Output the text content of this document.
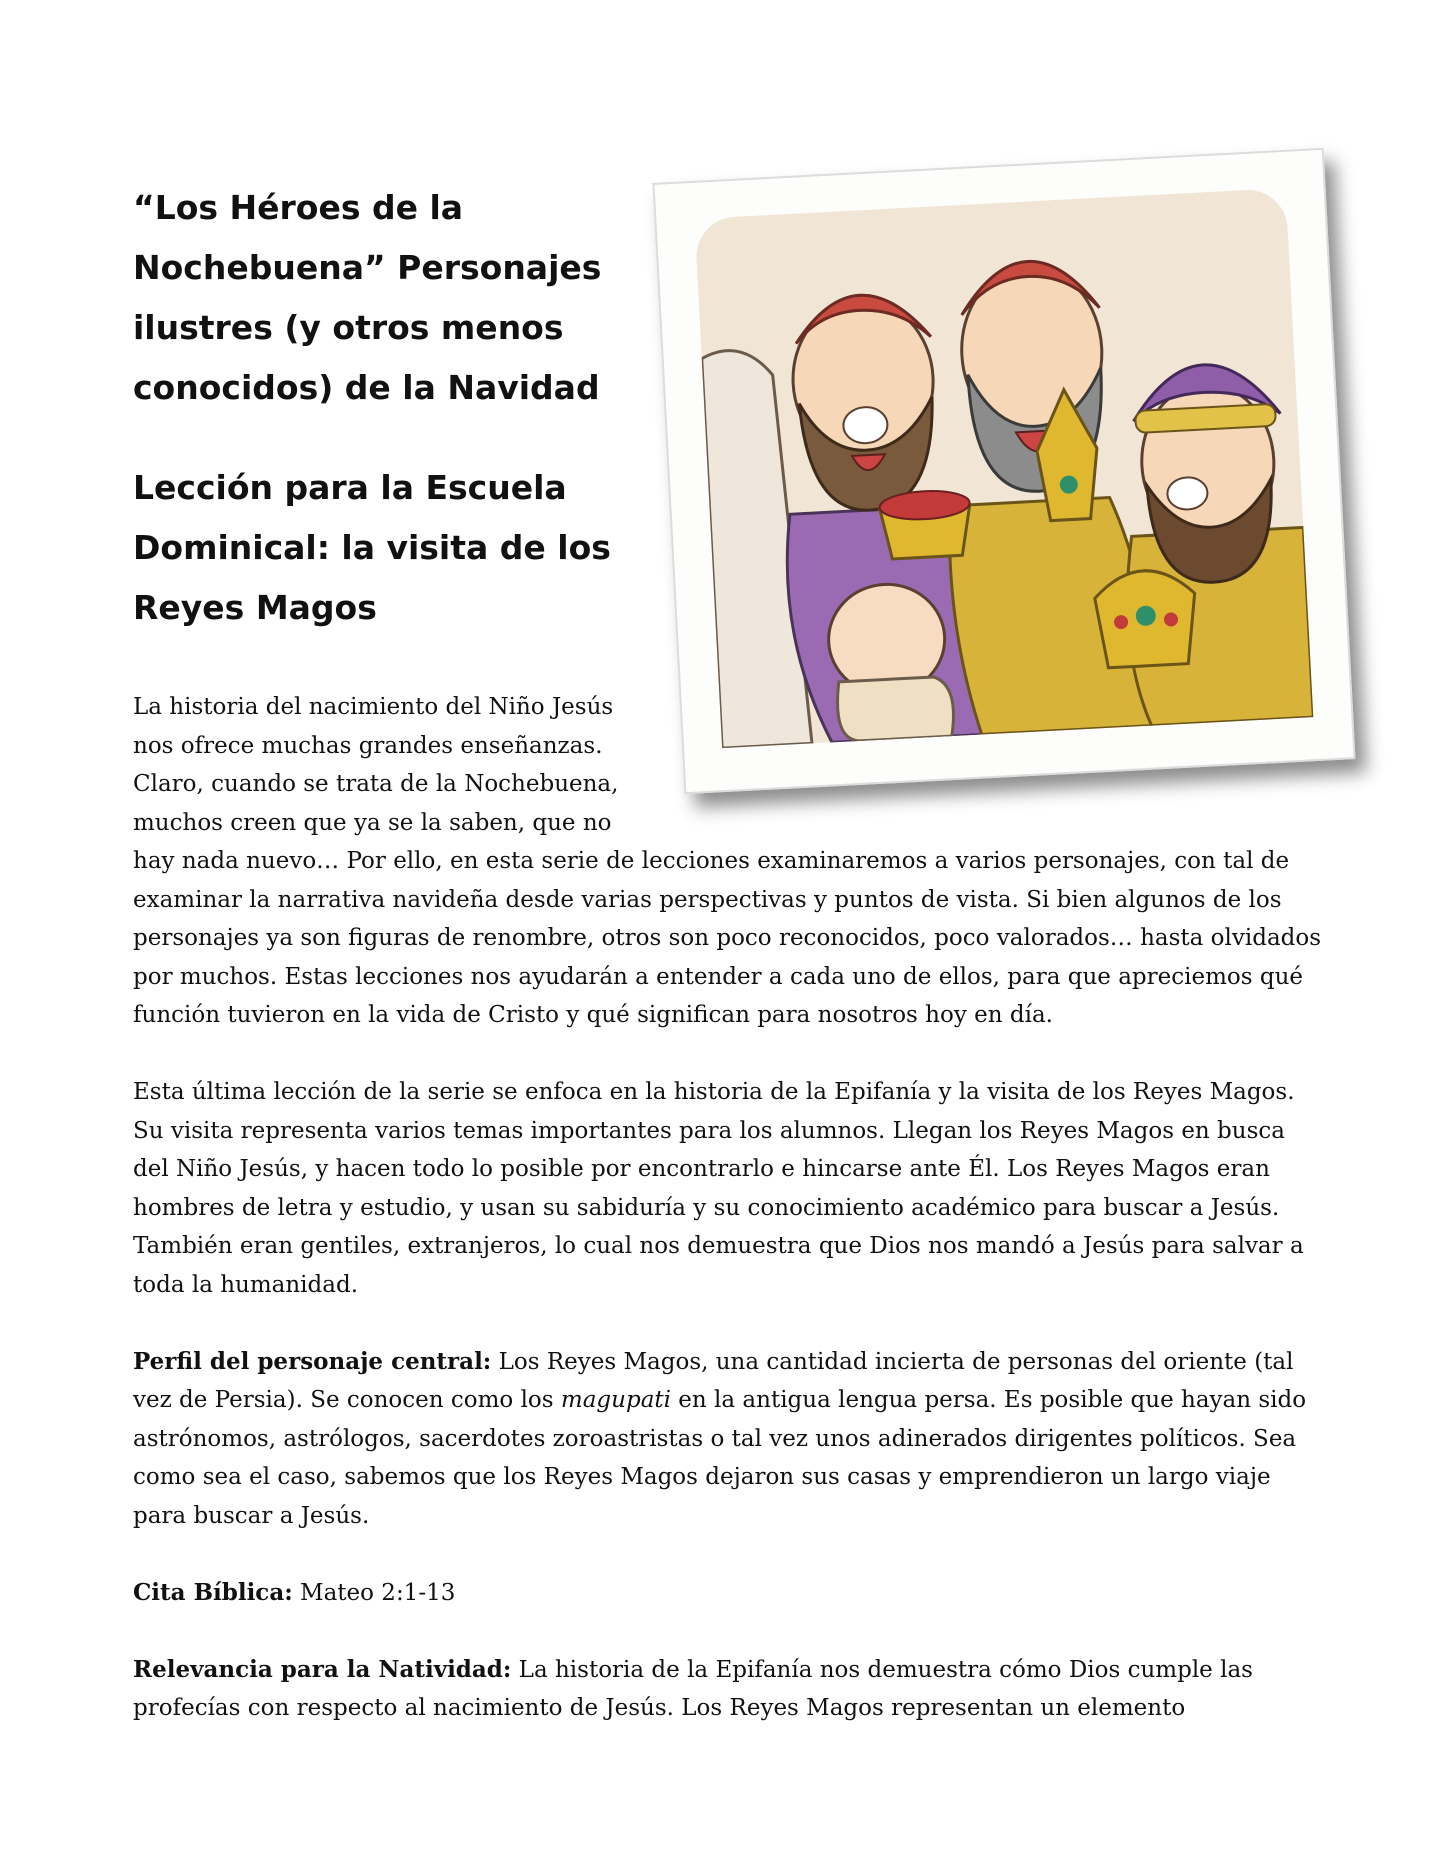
“Los Héroes de la Nochebuena” Personajes ilustres (y otros menos conocidos) de la Navidad

Lección para la Escuela Dominical: la visita de los Reyes Magos

La historia del nacimiento del Niño Jesús nos ofrece muchas grandes enseñanzas. Claro, cuando se trata de la Nochebuena, muchos creen que ya se la saben, que no
hay nada nuevo… Por ello, en esta serie de lecciones examinaremos a varios personajes, con tal de examinar la narrativa navideña desde varias perspectivas y puntos de vista. Si bien algunos de los personajes ya son figuras de renombre, otros son poco reconocidos, poco valorados… hasta olvidados por muchos. Estas lecciones nos ayudarán a entender a cada uno de ellos, para que apreciemos qué función tuvieron en la vida de Cristo y qué significan para nosotros hoy en día.

Esta última lección de la serie se enfoca en la historia de la Epifanía y la visita de los Reyes Magos. Su visita representa varios temas importantes para los alumnos. Llegan los Reyes Magos en busca del Niño Jesús, y hacen todo lo posible por encontrarlo e hincarse ante Él. Los Reyes Magos eran hombres de letra y estudio, y usan su sabiduría y su conocimiento académico para buscar a Jesús. También eran gentiles, extranjeros, lo cual nos demuestra que Dios nos mandó a Jesús para salvar a toda la humanidad.

Perfil del personaje central: Los Reyes Magos, una cantidad incierta de personas del oriente (tal vez de Persia). Se conocen como los magupati en la antigua lengua persa. Es posible que hayan sido astrónomos, astrólogos, sacerdotes zoroastristas o tal vez unos adinerados dirigentes políticos. Sea como sea el caso, sabemos que los Reyes Magos dejaron sus casas y emprendieron un largo viaje para buscar a Jesús.

Cita Bíblica: Mateo 2:1-13

Relevancia para la Natividad: La historia de la Epifanía nos demuestra cómo Dios cumple las profecías con respecto al nacimiento de Jesús. Los Reyes Magos representan un elemento
